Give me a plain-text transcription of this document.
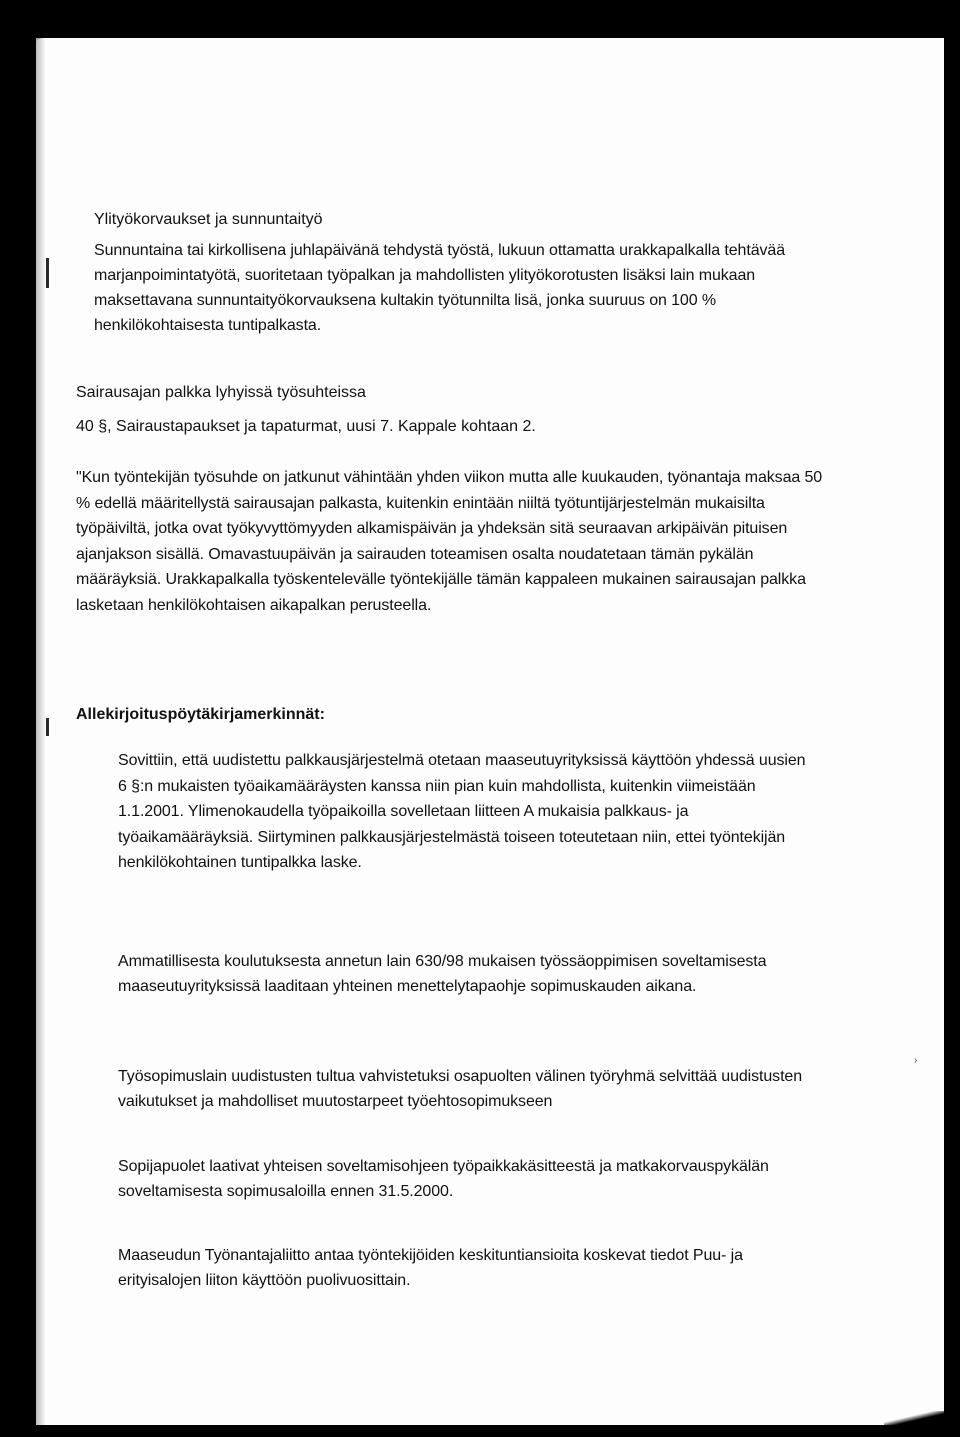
Ylityökorvaukset ja sunnuntaityö
Sunnuntaina tai kirkollisena juhlapäivänä tehdystä työstä, lukuun ottamatta urakkapalkalla tehtävää marjanpoimintatyötä, suoritetaan työpalkan ja mahdollisten ylityökorotusten lisäksi lain mukaan maksettavana sunnuntaityökorvauksena kultakin työtunnilta lisä, jonka suuruus on 100 % henkilökohtaisesta tuntipalkasta.
Sairausajan palkka lyhyissä työsuhteissa
40 §, Sairaustapaukset ja tapaturmat, uusi 7. Kappale kohtaan 2.
"Kun työntekijän työsuhde on jatkunut vähintään yhden viikon mutta alle kuukauden, työnantaja maksaa 50 % edellä määritellystä sairausajan palkasta, kuitenkin enintään niiltä työtuntijärjestelmän mukaisilta työpäiviltä, jotka ovat työkyvyttömyyden alkamispäivän ja yhdeksän sitä seuraavan arkipäivän pituisen ajanjakson sisällä. Omavastuupäivän ja sairauden toteamisen osalta noudatetaan tämän pykälän määräyksiä. Urakkapalkalla työskentelevälle työntekijälle tämän kappaleen mukainen sairausajan palkka lasketaan henkilökohtaisen aikapalkan perusteella.
Allekirjoituspöytäkirjamerkinnät:
Sovittiin, että uudistettu palkkausjärjestelmä otetaan maaseutuyrityksissä käyttöön yhdessä uusien 6 §:n mukaisten työaikamääräysten kanssa niin pian kuin mahdollista, kuitenkin viimeistään 1.1.2001. Ylimenokaudella työpaikoilla sovelletaan liitteen A mukaisia palkkaus- ja työaikamääräyksiä. Siirtyminen palkkausjärjestelmästä toiseen toteutetaan niin, ettei työntekijän henkilökohtainen tuntipalkka laske.
Ammatillisesta koulutuksesta annetun lain 630/98 mukaisen työssäoppimisen soveltamisesta maaseutuyrityksissä laaditaan yhteinen menettelytapaohje sopimuskauden aikana.
Työsopimuslain uudistusten tultua vahvistetuksi osapuolten välinen työryhmä selvittää uudistusten vaikutukset ja mahdolliset muutostarpeet työehtosopimukseen
Sopijapuolet laativat yhteisen soveltamisohjeen työpaikkakäsitteestä ja matkakorvauspykälän soveltamisesta sopimusaloilla ennen 31.5.2000.
Maaseudun Työnantajaliitto antaa työntekijöiden keskituntiansioita koskevat tiedot Puu- ja erityisalojen liiton käyttöön puolivuosittain.
›
